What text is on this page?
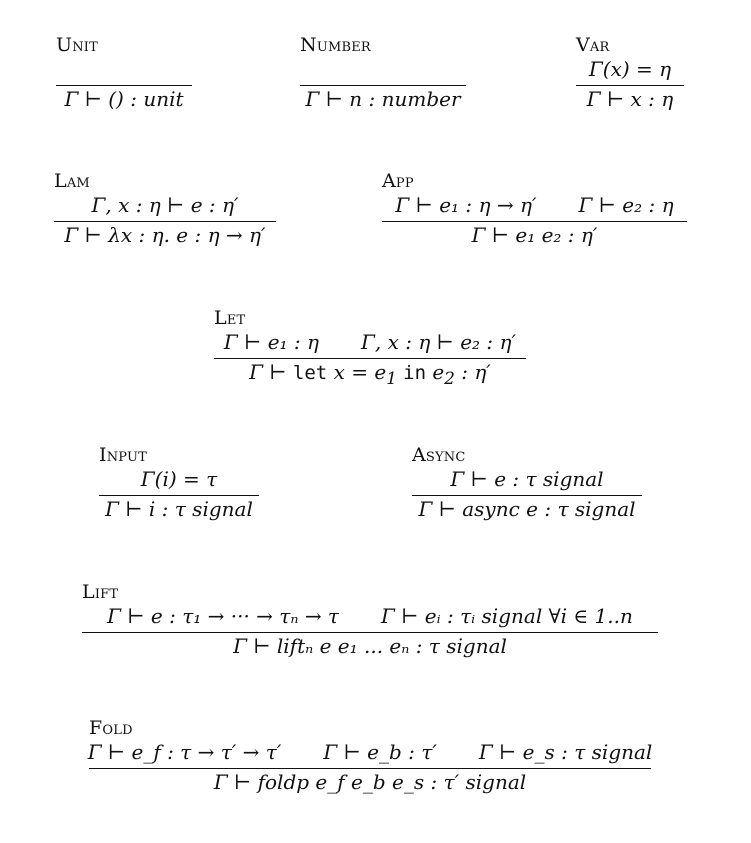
Unit
Γ ⊢ () : unit
Number
Γ ⊢ n : number
Var
Γ(x) = η
Γ ⊢ x : η
Lam
Γ, x : η ⊢ e : η′
Γ ⊢ λx : η. e : η → η′
App
Γ ⊢ e₁ : η → η′ Γ ⊢ e₂ : η
Γ ⊢ e₁ e₂ : η′
Let
Γ ⊢ e₁ : η Γ, x : η ⊢ e₂ : η′
Γ ⊢ let $x = e_1$ in $e_2$ : η′
Input
Γ(i) = τ
Γ ⊢ i : τ signal
Async
Γ ⊢ e : τ signal
Γ ⊢ async e : τ signal
Lift
Γ ⊢ e : τ₁ → ··· → τₙ → τ Γ ⊢ eᵢ : τᵢ signal ∀i ∈ 1..n
Γ ⊢ liftₙ e e₁ ... eₙ : τ signal
Fold
Γ ⊢ e_f : τ → τ′ → τ′ Γ ⊢ e_b : τ′ Γ ⊢ e_s : τ signal
Γ ⊢ foldp e_f e_b e_s : τ′ signal
